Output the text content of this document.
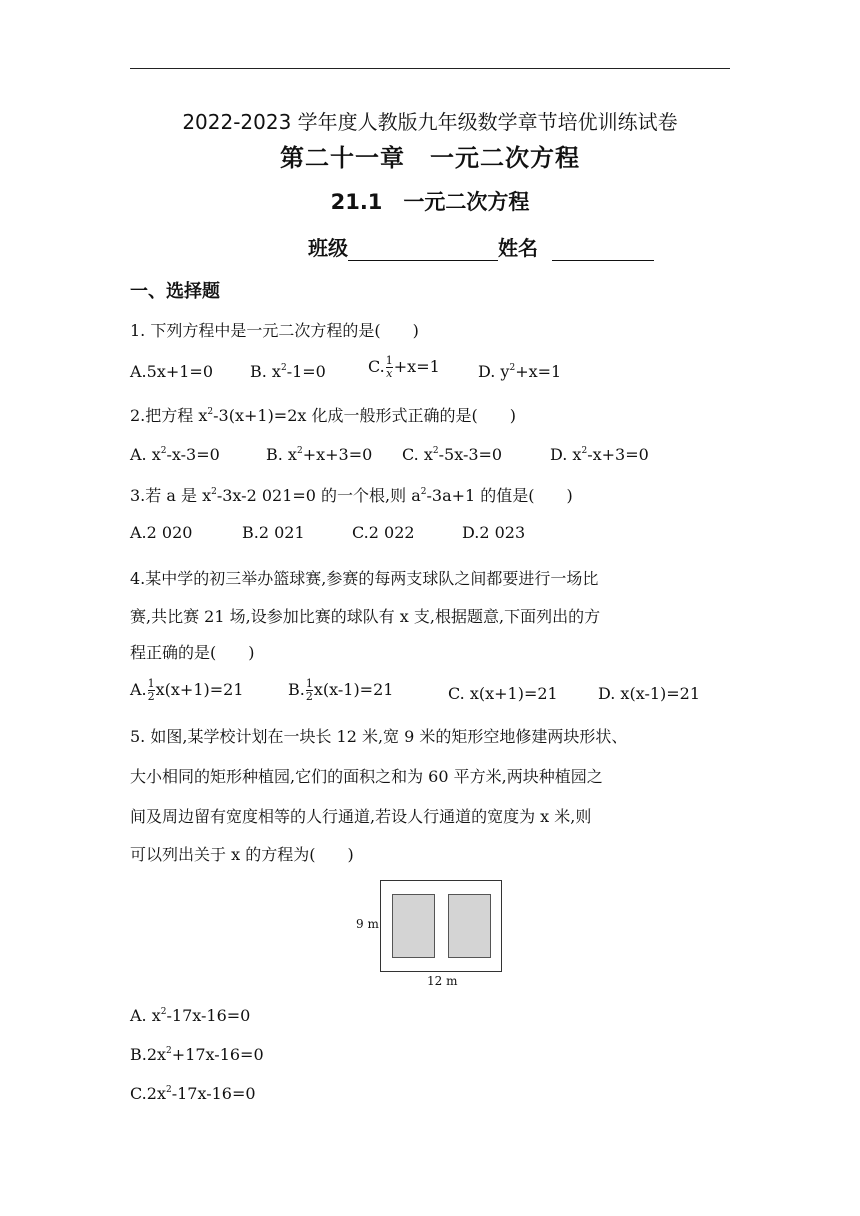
2022-2023 学年度人教版九年级数学章节培优训练试卷
第二十一章　一元二次方程
21.1　一元二次方程
班级	姓名
一、选择题
1. 下列方程中是一元二次方程的是(　　)
A.5x+1=0 B. $x^2-1=0$	C. $\frac{1}{x} +x=1$ D. $y^2+x=1$
2.把方程 $x^2-3(x+1)=2x$ 化成一般形式正确的是(　　)
A. $x^2-x-3=0$	B. $x^2+x+3=0$ C. $x^2-5x-3=0$	D. $x^2-x+3=0$
3.若 a 是 $x^2-3x-2$ 021=0 的一个根,则 $a^2-3a+1$ 的值是(　　)
A.2 020	B.2 021	C.2 022	D.2 023
4.某中学的初三举办篮球赛,参赛的每两支球队之间都要进行一场比
赛,共比赛 21 场,设参加比赛的球队有 x 支,根据题意,下面列出的方
程正确的是(　　)
A. $\frac{1}{2} x(x+1)=21$	B. $\frac{1}{2} x(x-1)=21$	C. x(x+1)=21	D. x(x-1)=21
5. 如图,某学校计划在一块长 12 米,宽 9 米的矩形空地修建两块形状、
大小相同的矩形种植园,它们的面积之和为 60 平方米,两块种植园之
间及周边留有宽度相等的人行通道,若设人行通道的宽度为 x 米,则
可以列出关于 x 的方程为(　　)
9 m
12 m
A. $x^2-17x-16=0$
$B.2x^2+17x-16=0$
$C.2x^2-17x-16=0$
